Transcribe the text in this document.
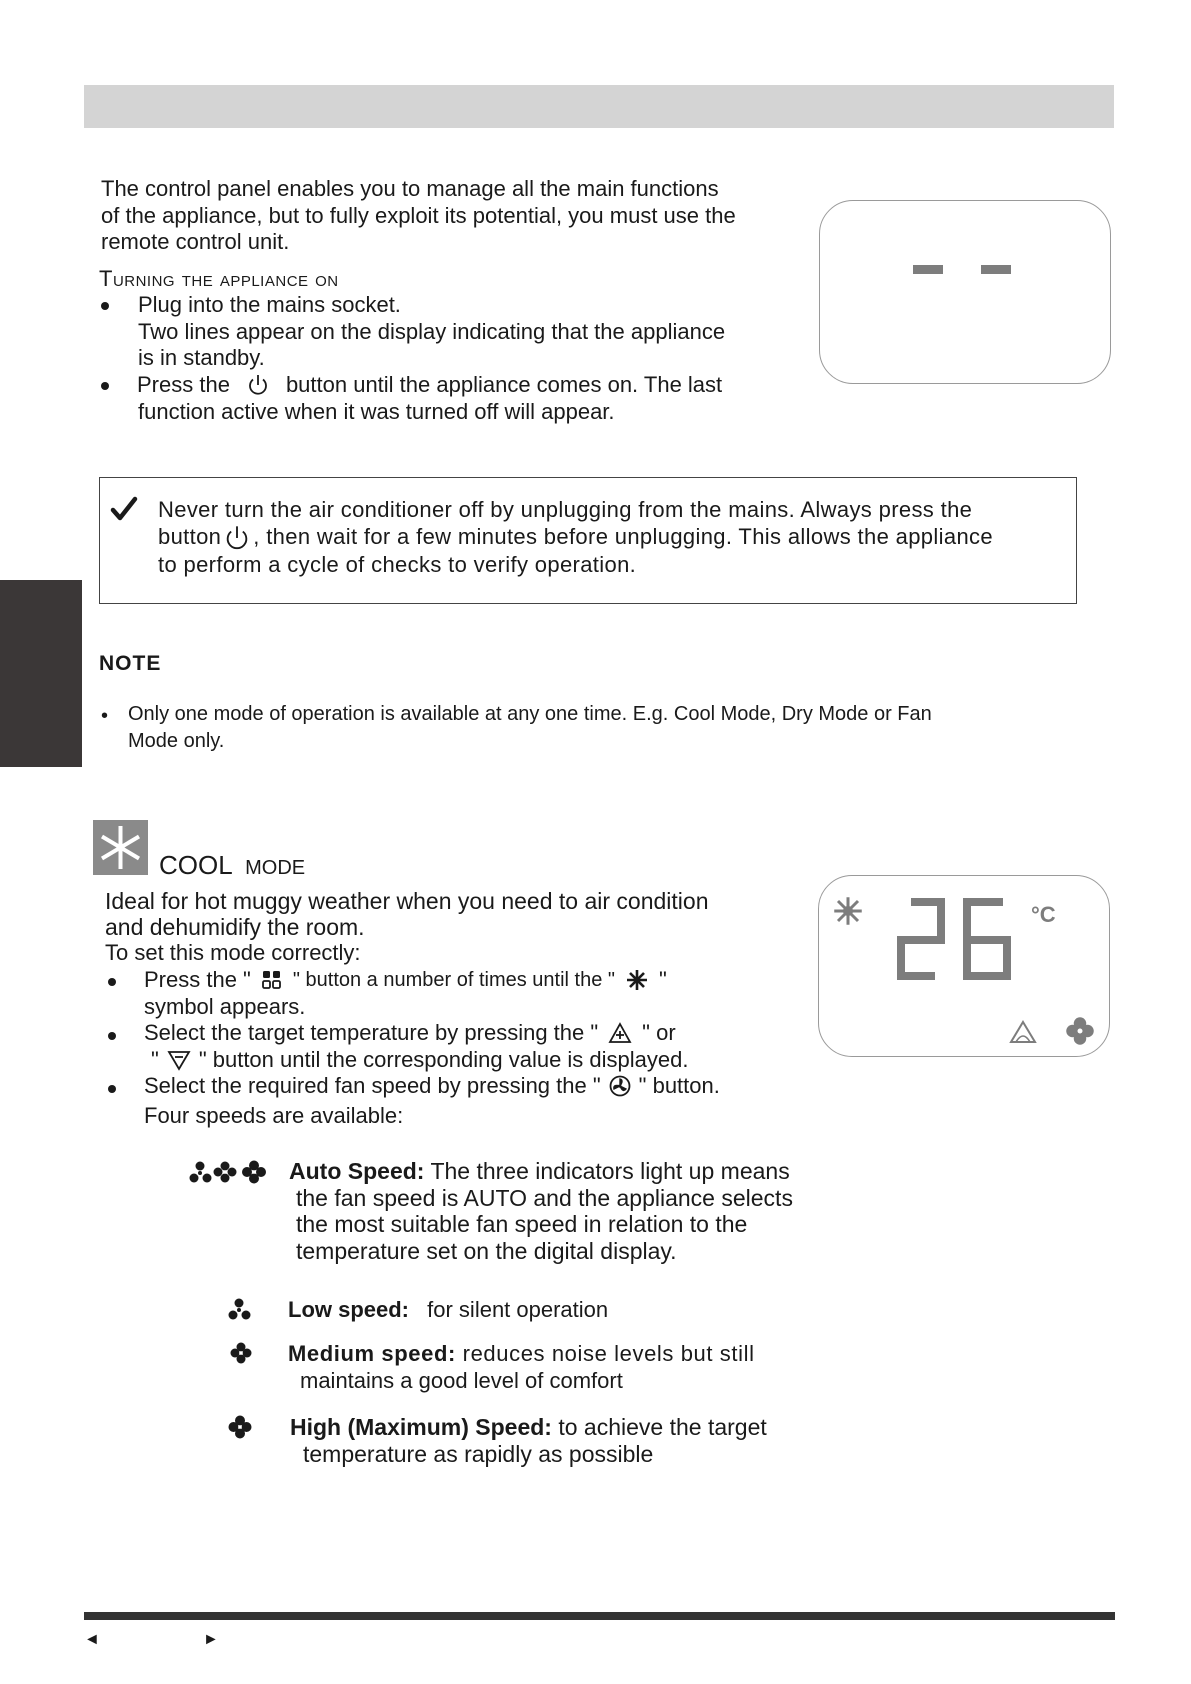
The control panel enables you to manage all the main functions
of the appliance, but to fully exploit its potential, you must use the
remote control unit.
Turning the appliance on
Plug into the mains socket.
Two lines appear on the display indicating that the appliance
is in standby.
Press the	button until the appliance comes on. The last
function active when it was turned off will appear.
Never turn the air conditioner off by unplugging from the mains. Always press the
button , then wait for a few minutes before unplugging. This allows the appliance
to perform a cycle of checks to verify operation.
NOTE
• Only one mode of operation is available at any one time. E.g. Cool Mode, Dry Mode or Fan
Mode only.
COOL MODE
Ideal for hot muggy weather when you need to air condition
and dehumidify the room.
To set this mode correctly:
Press the " " button a number of times until the " "
symbol appears.
Select the target temperature by pressing the " " or
" " button until the corresponding value is displayed.
Select the required fan speed by pressing the " " button.
Four speeds are available:
°C
Auto Speed: The three indicators light up means
the fan speed is AUTO and the appliance selects
the most suitable fan speed in relation to the
temperature set on the digital display.
Low speed: for silent operation
Medium speed: reduces noise levels but still
maintains a good level of comfort
High (Maximum) Speed: to achieve the target
temperature as rapidly as possible
◄	►
